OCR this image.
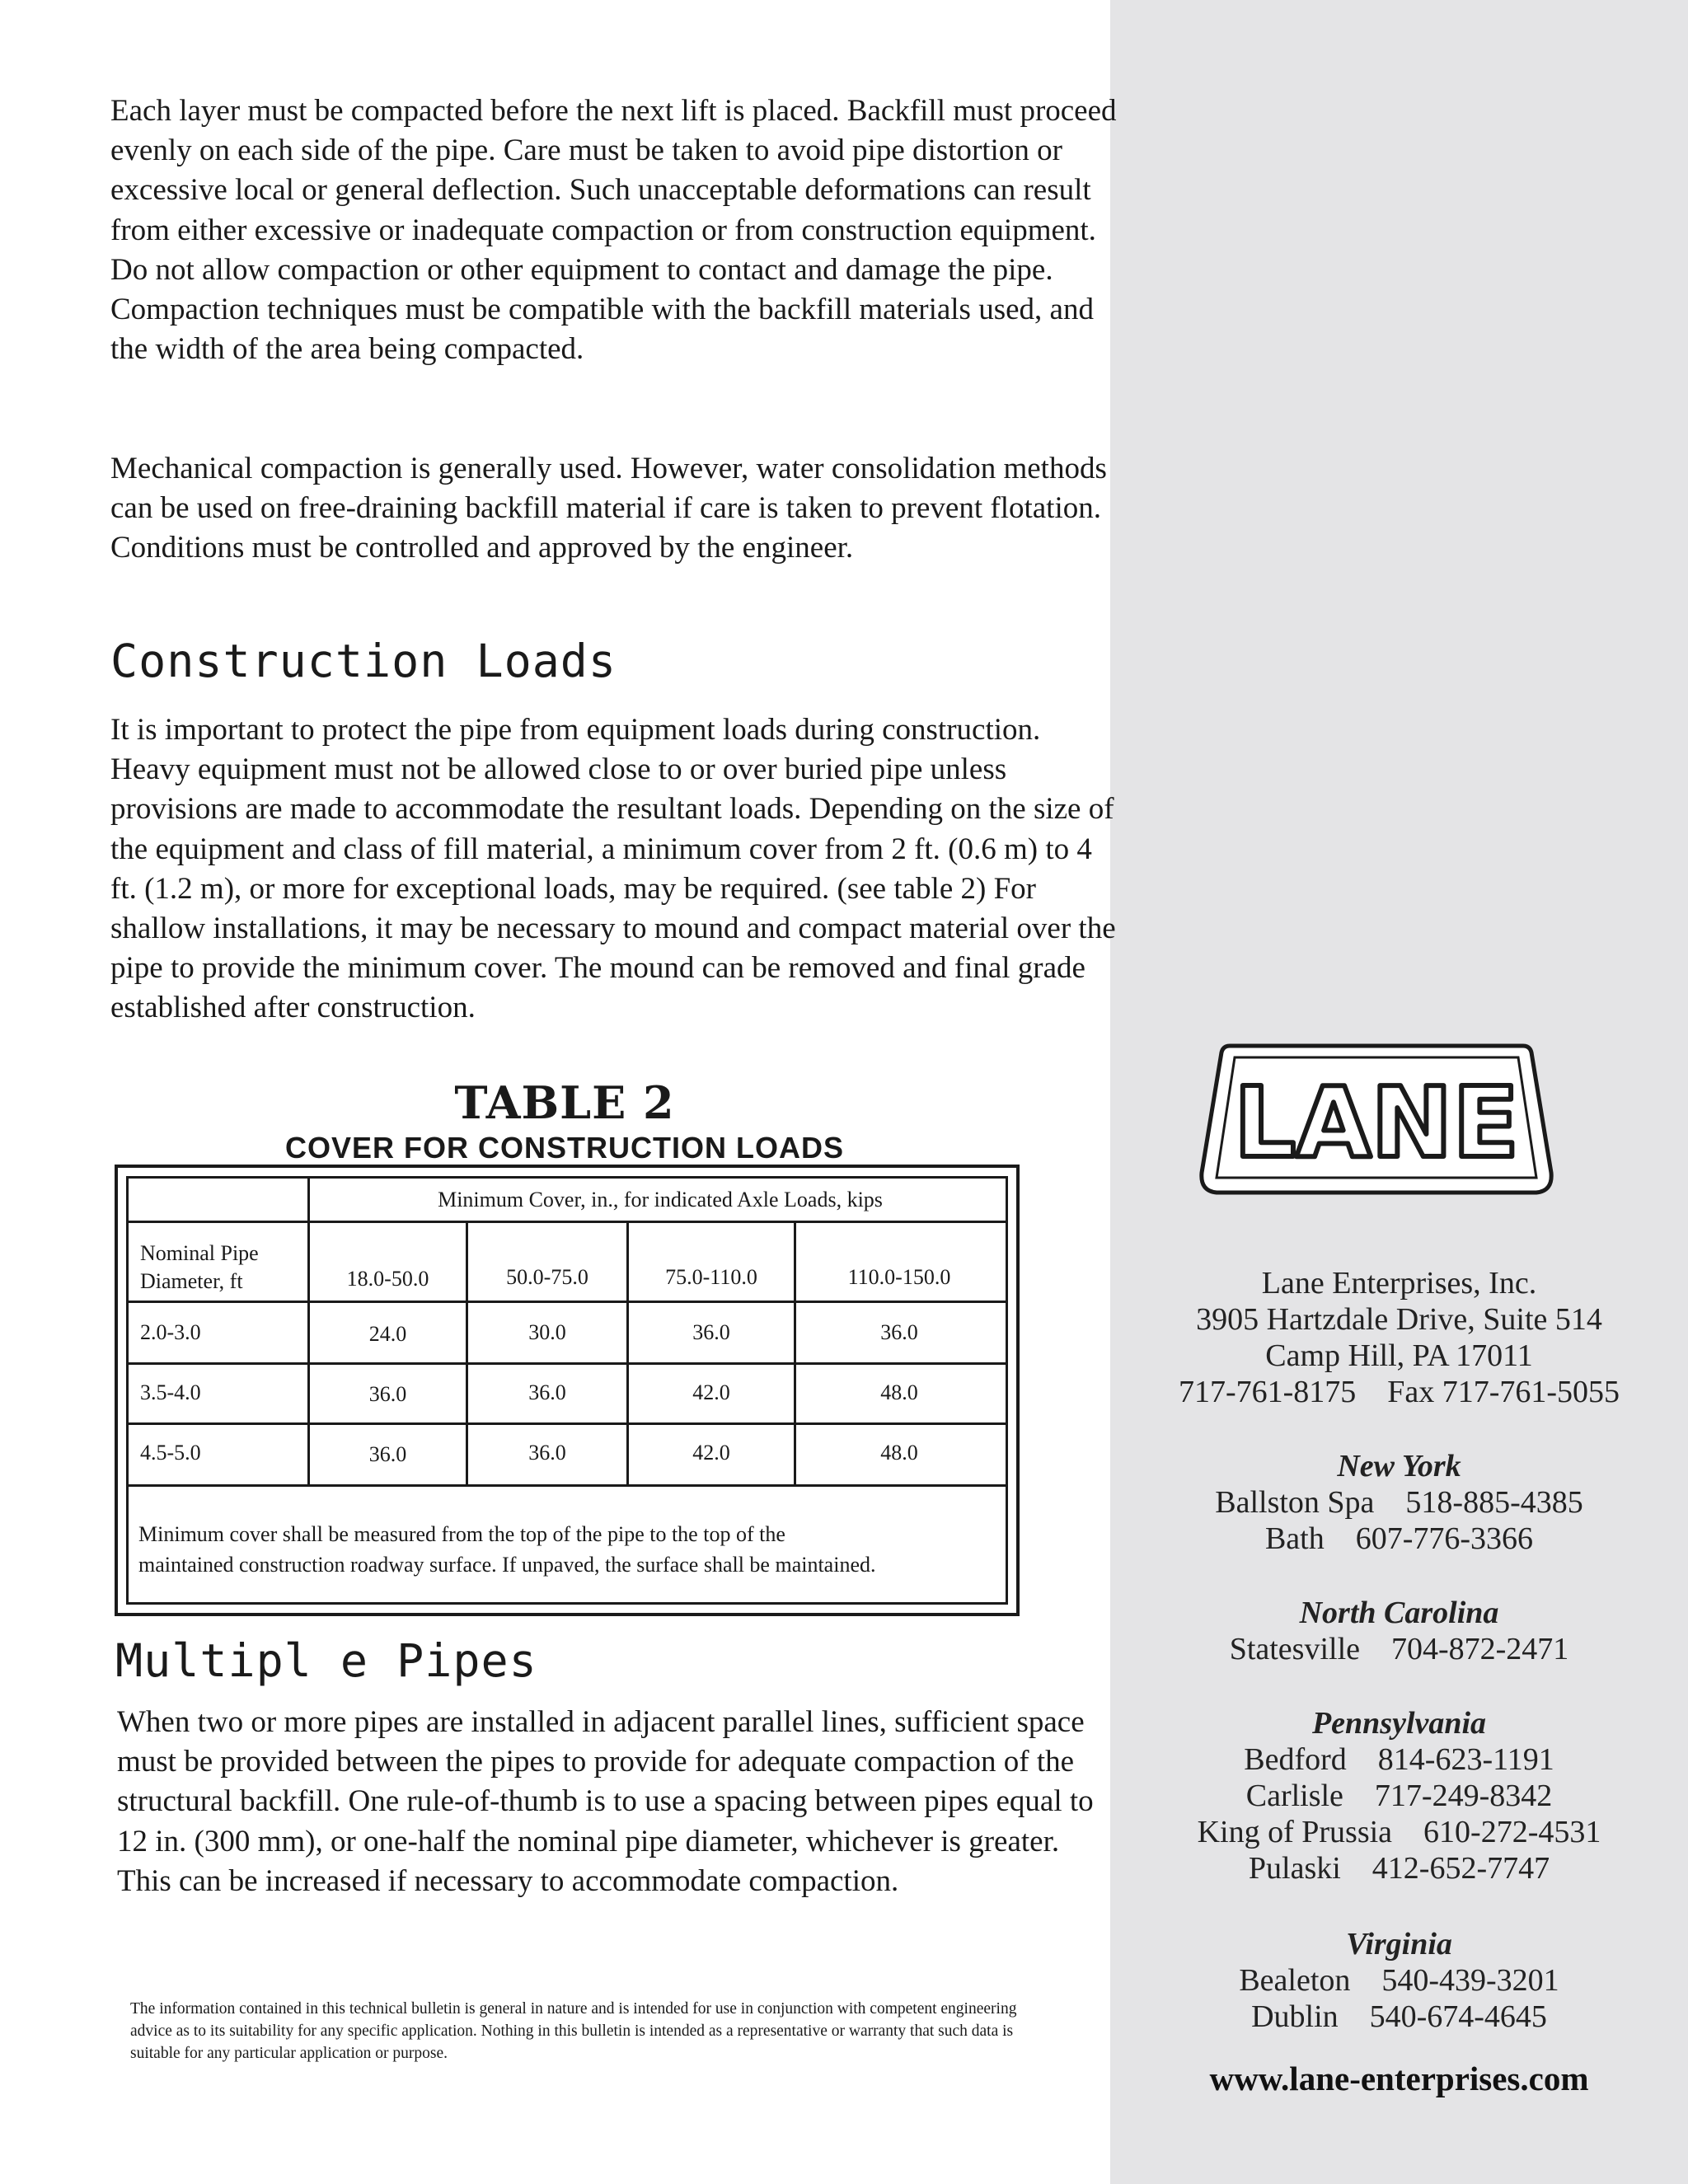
Each layer must be compacted before the next lift is placed. Backfill must proceed evenly on each side of the pipe. Care must be taken to avoid pipe distortion or excessive local or general deflection. Such unacceptable deformations can result from either excessive or inadequate compaction or from construction equipment. Do not allow compaction or other equipment to contact and damage the pipe. Compaction techniques must be compatible with the backfill materials used, and the width of the area being compacted.

Mechanical compaction is generally used. However, water consolidation methods can be used on free-draining backfill material if care is taken to prevent flotation. Conditions must be controlled and approved by the engineer.

Construction Loads

It is important to protect the pipe from equipment loads during construction. Heavy equipment must not be allowed close to or over buried pipe unless provisions are made to accommodate the resultant loads. Depending on the size of the equipment and class of fill material, a minimum cover from 2 ft. (0.6 m) to 4 ft. (1.2 m), or more for exceptional loads, may be required. (see table 2) For shallow installations, it may be necessary to mound and compact material over the pipe to provide the minimum cover. The mound can be removed and final grade established after construction.

TABLE 2
COVER FOR CONSTRUCTION LOADS
Minimum Cover, in., for indicated Axle Loads, kips
Nominal Pipe Diameter, ft	18.0-50.0	50.0-75.0	75.0-110.0	110.0-150.0
2.0-3.0	24.0	30.0	36.0	36.0
3.5-4.0	36.0	36.0	42.0	48.0
4.5-5.0	36.0	36.0	42.0	48.0

Minimum cover shall be measured from the top of the pipe to the top of the maintained construction roadway surface. If unpaved, the surface shall be maintained.

Multipl e Pipes

When two or more pipes are installed in adjacent parallel lines, sufficient space must be provided between the pipes to provide for adequate compaction of the structural backfill. One rule-of-thumb is to use a spacing between pipes equal to 12 in. (300 mm), or one-half the nominal pipe diameter, whichever is greater. This can be increased if necessary to accommodate compaction.

The information contained in this technical bulletin is general in nature and is intended for use in conjunction with competent engineering advice as to its suitability for any specific application. Nothing in this bulletin is intended as a representative or warranty that such data is suitable for any particular application or purpose.

LANE

Lane Enterprises, Inc.

3905 Hartzdale Drive, Suite 514

Camp Hill, PA 17011

717-761-8175    Fax 717-761-5055

New York

Ballston Spa    518-885-4385

Bath    607-776-3366

North Carolina

Statesville    704-872-2471

Pennsylvania

Bedford    814-623-1191

Carlisle    717-249-8342

King of Prussia    610-272-4531

Pulaski    412-652-7747

Virginia

Bealeton    540-439-3201

Dublin    540-674-4645

www.lane-enterprises.com
